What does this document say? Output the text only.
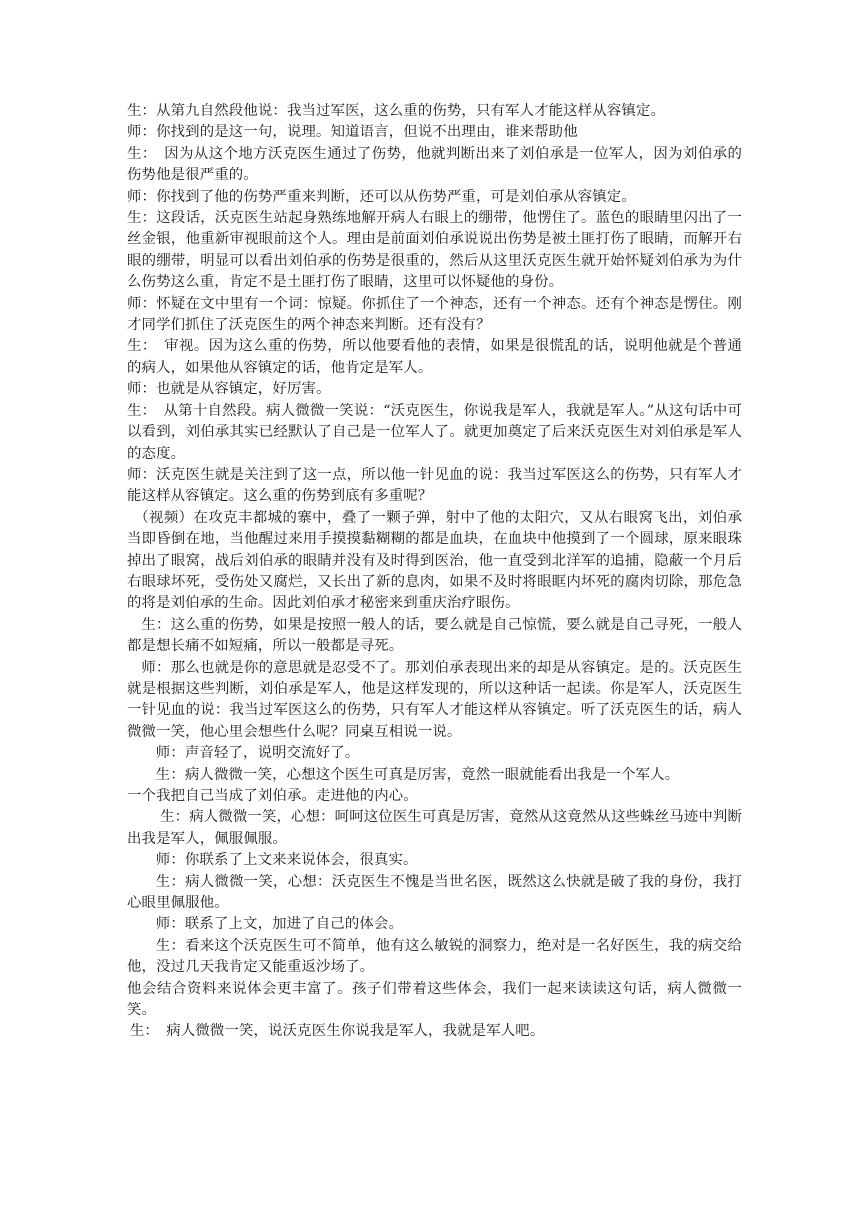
生：从第九自然段他说：我当过军医，这么重的伤势，只有军人才能这样从容镇定。

师：你找到的是这一句，说理。知道语言，但说不出理由，谁来帮助他

生：　因为从这个地方沃克医生通过了伤势，他就判断出来了刘伯承是一位军人，因为刘伯承的伤势他是很严重的。

师：你找到了他的伤势严重来判断，还可以从伤势严重，可是刘伯承从容镇定。

生：这段话，沃克医生站起身熟练地解开病人右眼上的绷带，他愣住了。蓝色的眼睛里闪出了一丝金银，他重新审视眼前这个人。理由是前面刘伯承说说出伤势是被土匪打伤了眼睛，而解开右眼的绷带，明显可以看出刘伯承的伤势是很重的，然后从这里沃克医生就开始怀疑刘伯承为为什么伤势这么重，肯定不是土匪打伤了眼睛，这里可以怀疑他的身份。

师：怀疑在文中里有一个词：惊疑。你抓住了一个神态，还有一个神态。还有个神态是愣住。刚才同学们抓住了沃克医生的两个神态来判断。还有没有？

生：　审视。因为这么重的伤势，所以他要看他的表情，如果是很慌乱的话，说明他就是个普通的病人，如果他从容镇定的话，他肯定是军人。

师：也就是从容镇定，好厉害。

生：　从第十自然段。病人微微一笑说：“沃克医生，你说我是军人，我就是军人。”从这句话中可以看到，刘伯承其实已经默认了自己是一位军人了。就更加奠定了后来沃克医生对刘伯承是军人的态度。

师：沃克医生就是关注到了这一点，所以他一针见血的说：我当过军医这么的伤势，只有军人才能这样从容镇定。这么重的伤势到底有多重呢？

（视频）在攻克丰都城的寨中，叠了一颗子弹，射中了他的太阳穴，又从右眼窝飞出，刘伯承当即昏倒在地，当他醒过来用手摸摸黏糊糊的都是血块，在血块中他摸到了一个圆球，原来眼珠掉出了眼窝，战后刘伯承的眼睛并没有及时得到医治，他一直受到北洋军的追捕，隐蔽一个月后右眼球坏死，受伤处又腐烂，又长出了新的息肉，如果不及时将眼眶内坏死的腐肉切除，那危急的将是刘伯承的生命。因此刘伯承才秘密来到重庆治疗眼伤。

生：这么重的伤势，如果是按照一般人的话，要么就是自己惊慌，要么就是自己寻死，一般人都是想长痛不如短痛，所以一般都是寻死。

师：那么也就是你的意思就是忍受不了。那刘伯承表现出来的却是从容镇定。是的。沃克医生就是根据这些判断，刘伯承是军人，他是这样发现的，所以这种话一起读。你是军人，沃克医生一针见血的说：我当过军医这么的伤势，只有军人才能这样从容镇定。听了沃克医生的话，病人微微一笑，他心里会想些什么呢？同桌互相说一说。

师：声音轻了，说明交流好了。

生：病人微微一笑，心想这个医生可真是厉害，竟然一眼就能看出我是一个军人。

一个我把自己当成了刘伯承。走进他的内心。

生：病人微微一笑，心想：呵呵这位医生可真是厉害，竟然从这竟然从这些蛛丝马迹中判断出我是军人，佩服佩服。

师：你联系了上文来来说体会，很真实。

生：病人微微一笑，心想：沃克医生不愧是当世名医，既然这么快就是破了我的身份，我打心眼里佩服他。

师：联系了上文，加进了自己的体会。

生：看来这个沃克医生可不简单，他有这么敏锐的洞察力，绝对是一名好医生，我的病交给他，没过几天我肯定又能重返沙场了。

他会结合资料来说体会更丰富了。孩子们带着这些体会，我们一起来读读这句话，病人微微一笑。

生：　病人微微一笑，说沃克医生你说我是军人，我就是军人吧。
